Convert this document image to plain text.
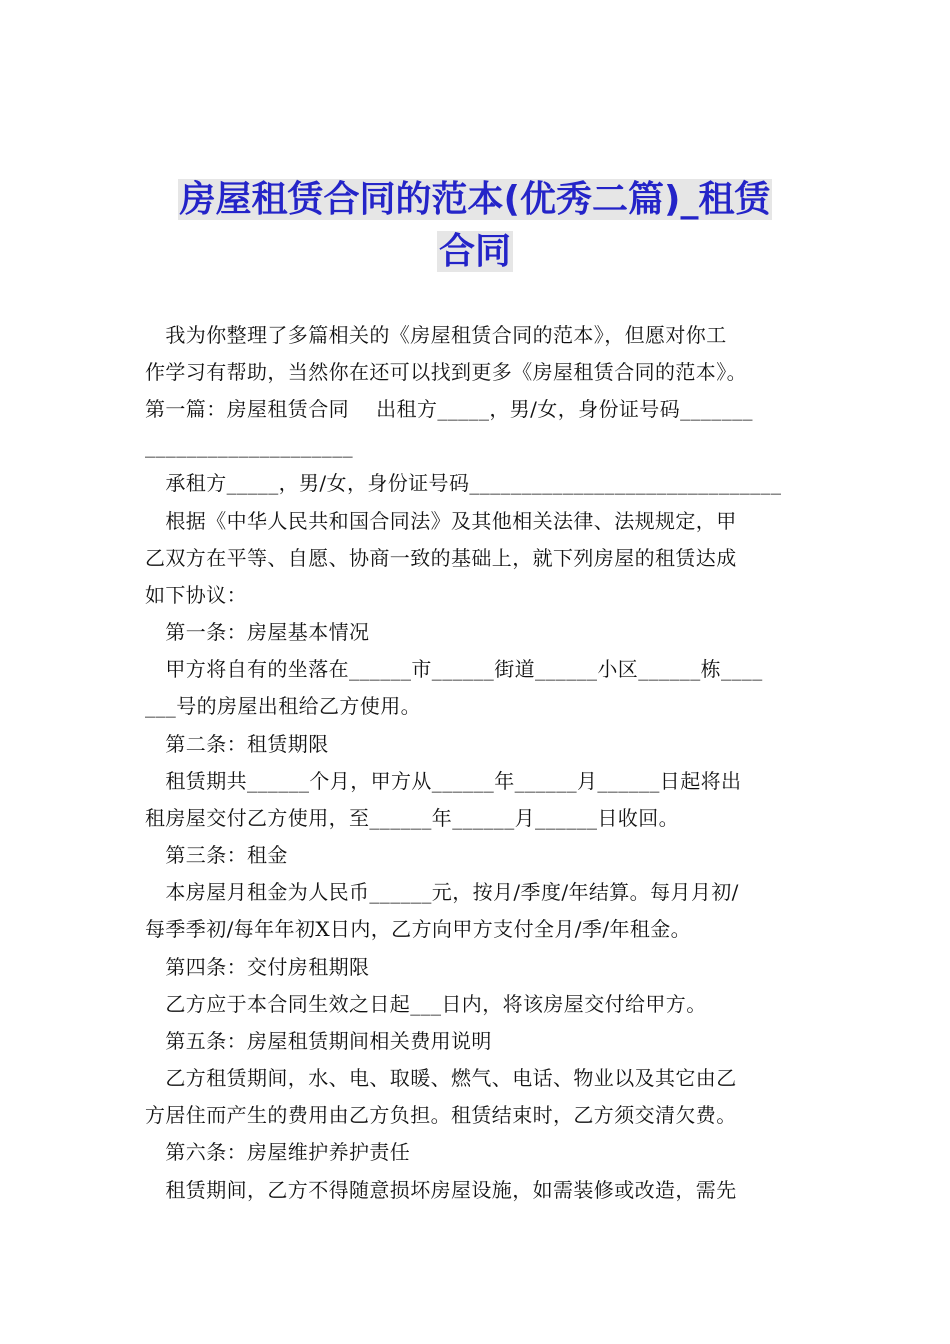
房屋租赁合同的范本(优秀二篇)_租赁
合同
　我为你整理了多篇相关的《房屋租赁合同的范本》，但愿对你工
作学习有帮助，当然你在还可以找到更多《房屋租赁合同的范本》。
第一篇：房屋租赁合同　 出租方_____，男/女，身份证号码_______
____________________
　承租方_____，男/女，身份证号码______________________________
　根据《中华人民共和国合同法》及其他相关法律、法规规定，甲
乙双方在平等、自愿、协商一致的基础上，就下列房屋的租赁达成
如下协议：
　第一条：房屋基本情况
　甲方将自有的坐落在______市______街道______小区______栋____
___号的房屋出租给乙方使用。
　第二条：租赁期限
　租赁期共______个月，甲方从______年______月______日起将出
租房屋交付乙方使用，至______年______月______日收回。
　第三条：租金
　本房屋月租金为人民币______元，按月/季度/年结算。每月月初/
每季季初/每年年初X日内，乙方向甲方支付全月/季/年租金。
　第四条：交付房租期限
　乙方应于本合同生效之日起___日内，将该房屋交付给甲方。
　第五条：房屋租赁期间相关费用说明
　乙方租赁期间，水、电、取暖、燃气、电话、物业以及其它由乙
方居住而产生的费用由乙方负担。租赁结束时，乙方须交清欠费。
　第六条：房屋维护养护责任
　租赁期间，乙方不得随意损坏房屋设施，如需装修或改造，需先
